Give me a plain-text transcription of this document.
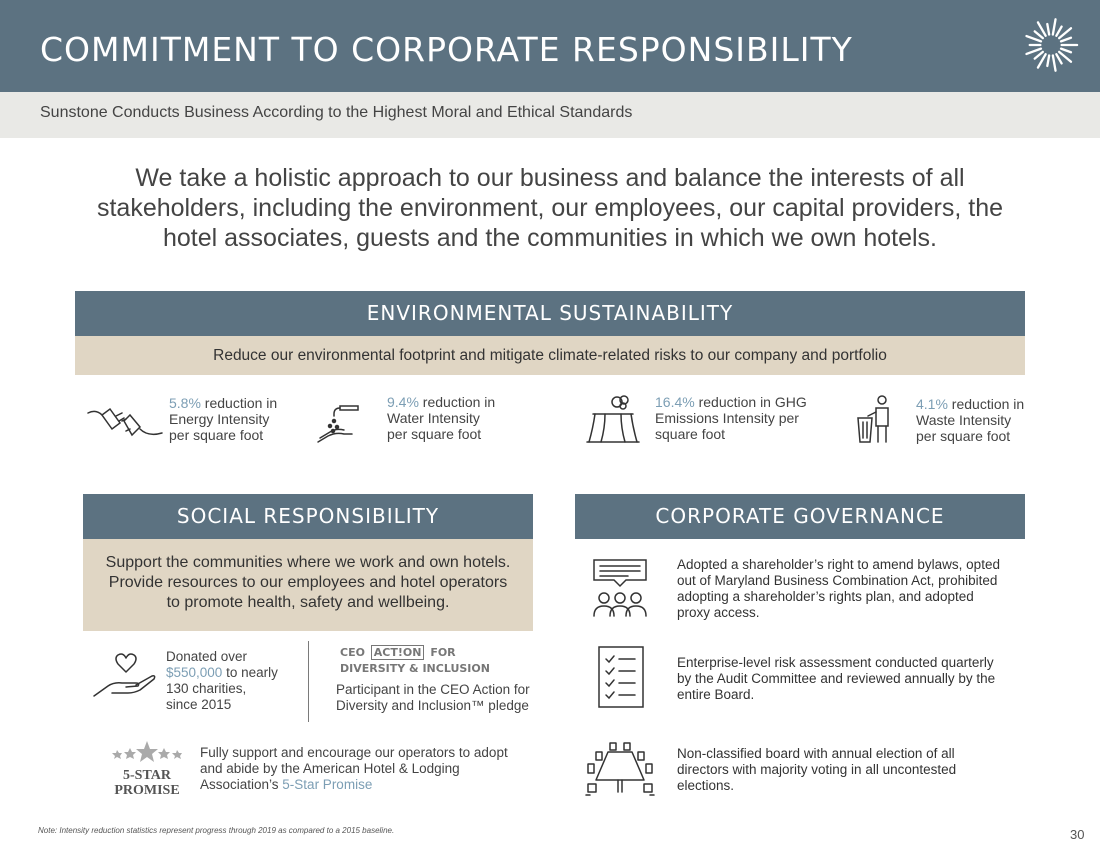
COMMITMENT TO CORPORATE RESPONSIBILITY
Sunstone Conducts Business According to the Highest Moral and Ethical Standards
We take a holistic approach to our business and balance the interests of all stakeholders, including the environment, our employees, our capital providers, the hotel associates, guests and the communities in which we own hotels.
ENVIRONMENTAL SUSTAINABILITY
Reduce our environmental footprint and mitigate climate-related risks to our company and portfolio
5.8% reduction in
Energy Intensity
per square foot
9.4% reduction in
Water Intensity
per square foot
16.4% reduction in GHG
Emissions Intensity per
square foot
4.1% reduction in
Waste Intensity
per square foot
SOCIAL RESPONSIBILITY
Support the communities where we work and own hotels. Provide resources to our employees and hotel operators to promote health, safety and wellbeing.
Donated over
$550,000 to nearly
130 charities,
since 2015
CEO ACT!ON FOR
DIVERSITY & INCLUSION
Participant in the CEO Action for
Diversity and Inclusion™ pledge
5-STAR
PROMISE
Fully support and encourage our operators to adopt
and abide by the American Hotel & Lodging
Association’s 5-Star Promise
CORPORATE GOVERNANCE
Adopted a shareholder’s right to amend bylaws, opted
out of Maryland Business Combination Act, prohibited
adopting a shareholder’s rights plan, and adopted
proxy access.
Enterprise-level risk assessment conducted quarterly
by the Audit Committee and reviewed annually by the
entire Board.
Non-classified board with annual election of all
directors with majority voting in all uncontested
elections.
Note: Intensity reduction statistics represent progress through 2019 as compared to a 2015 baseline.	30
